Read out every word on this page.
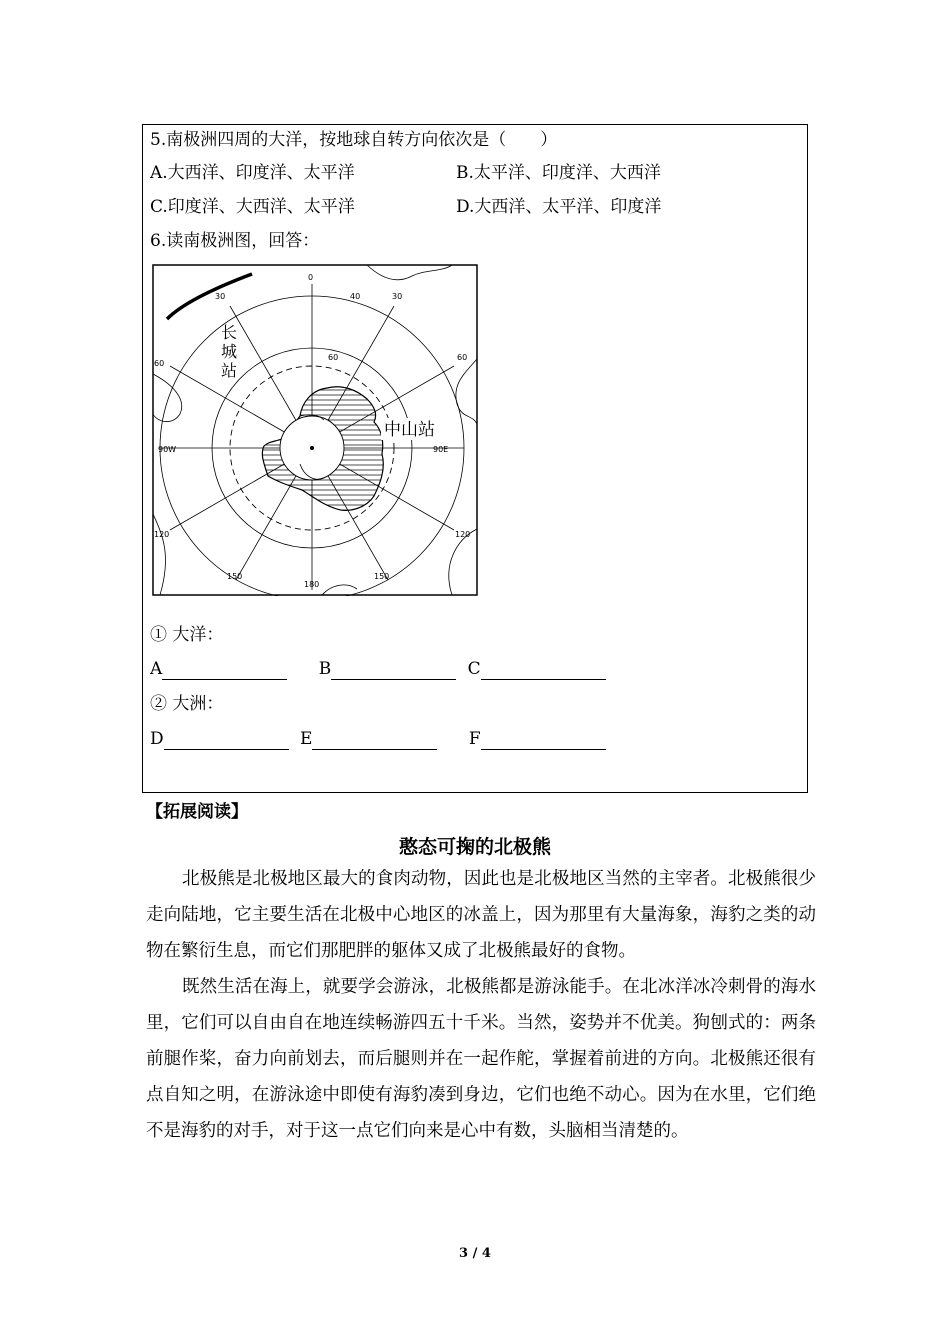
5.南极洲四周的大洋，按地球自转方向依次是（　　）
A.大西洋、印度洋、太平洋	B.太平洋、印度洋、大西洋
C.印度洋、大西洋、太平洋	D.大西洋、太平洋、印度洋
6.读南极洲图，回答：
0
40
30	30
60
60
60
90W	90E
120	120
150	150
180
长城站
中山站
① 大洋：
A	B	C
② 大洲：
D	E	F
【拓展阅读】
憨态可掬的北极熊

北极熊是北极地区最大的食肉动物，因此也是北极地区当然的主宰者。北极熊很少走向陆地，它主要生活在北极中心地区的冰盖上，因为那里有大量海象，海豹之类的动物在繁衍生息，而它们那肥胖的躯体又成了北极熊最好的食物。

既然生活在海上，就要学会游泳，北极熊都是游泳能手。在北冰洋冰冷刺骨的海水里，它们可以自由自在地连续畅游四五十千米。当然，姿势并不优美。狗刨式的：两条前腿作桨，奋力向前划去，而后腿则并在一起作舵，掌握着前进的方向。北极熊还很有点自知之明，在游泳途中即使有海豹凑到身边，它们也绝不动心。因为在水里，它们绝不是海豹的对手，对于这一点它们向来是心中有数，头脑相当清楚的。

3 / 4
